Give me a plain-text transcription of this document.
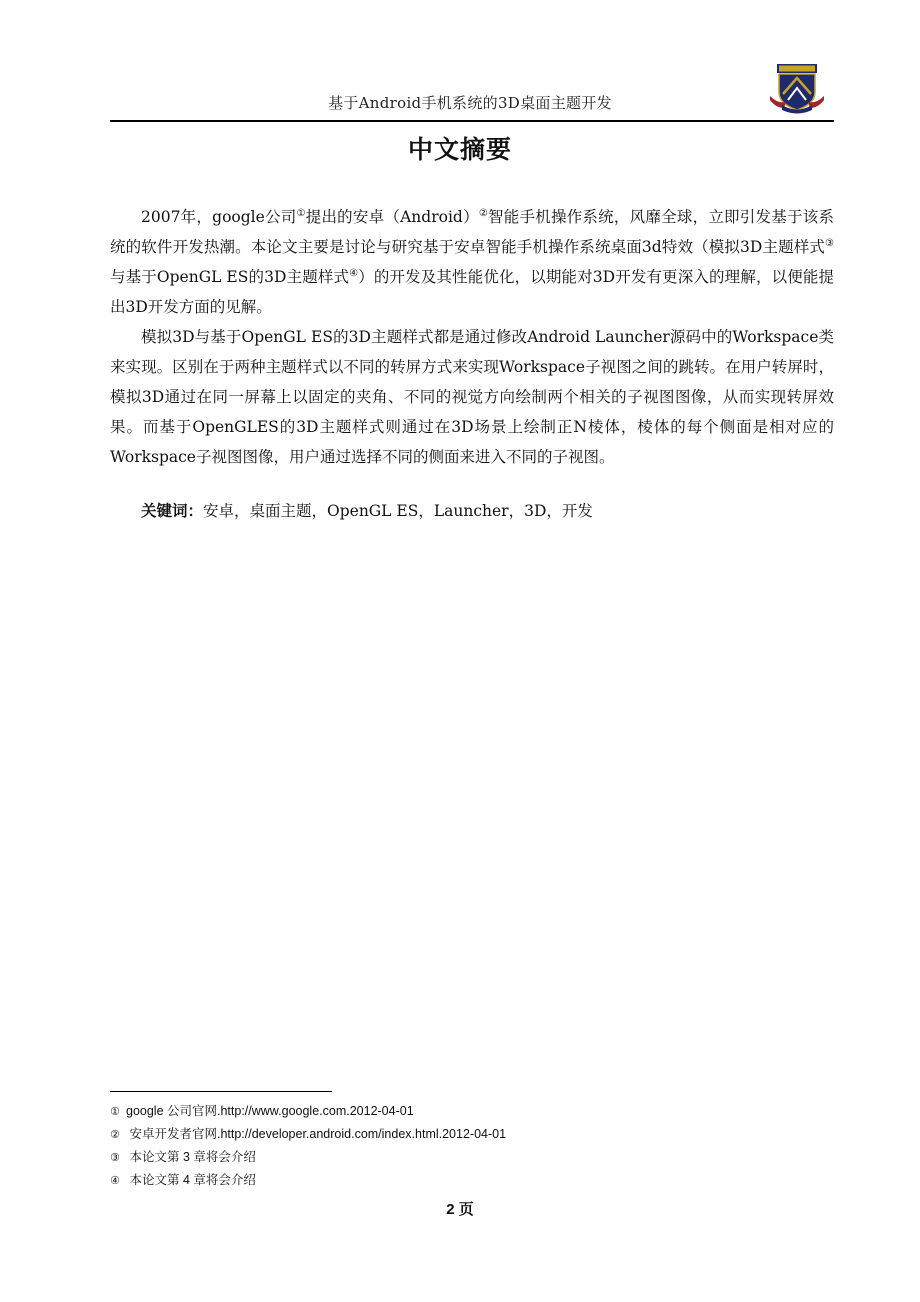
基于Android手机系统的3D桌面主题开发
中文摘要

2007年，google公司①提出的安卓（Android）②智能手机操作系统，风靡全球，立即引发基于该系统的软件开发热潮。本论文主要是讨论与研究基于安卓智能手机操作系统桌面3d特效（模拟3D主题样式③与基于OpenGL ES的3D主题样式④）的开发及其性能优化，以期能对3D开发有更深入的理解，以便能提出3D开发方面的见解。

模拟3D与基于OpenGL ES的3D主题样式都是通过修改Android Launcher源码中的Workspace类来实现。区别在于两种主题样式以不同的转屏方式来实现Workspace子视图之间的跳转。在用户转屏时，模拟3D通过在同一屏幕上以固定的夹角、不同的视觉方向绘制两个相关的子视图图像，从而实现转屏效果。而基于OpenGLES的3D主题样式则通过在3D场景上绘制正N棱体，棱体的每个侧面是相对应的Workspace子视图图像，用户通过选择不同的侧面来进入不同的子视图。

关键词：安卓，桌面主题，OpenGL ES，Launcher，3D，开发

① google 公司官网.http://www.google.com.2012-04-01
② 安卓开发者官网.http://developer.android.com/index.html.2012-04-01
③ 本论文第 3 章将会介绍
④ 本论文第 4 章将会介绍
2 页
